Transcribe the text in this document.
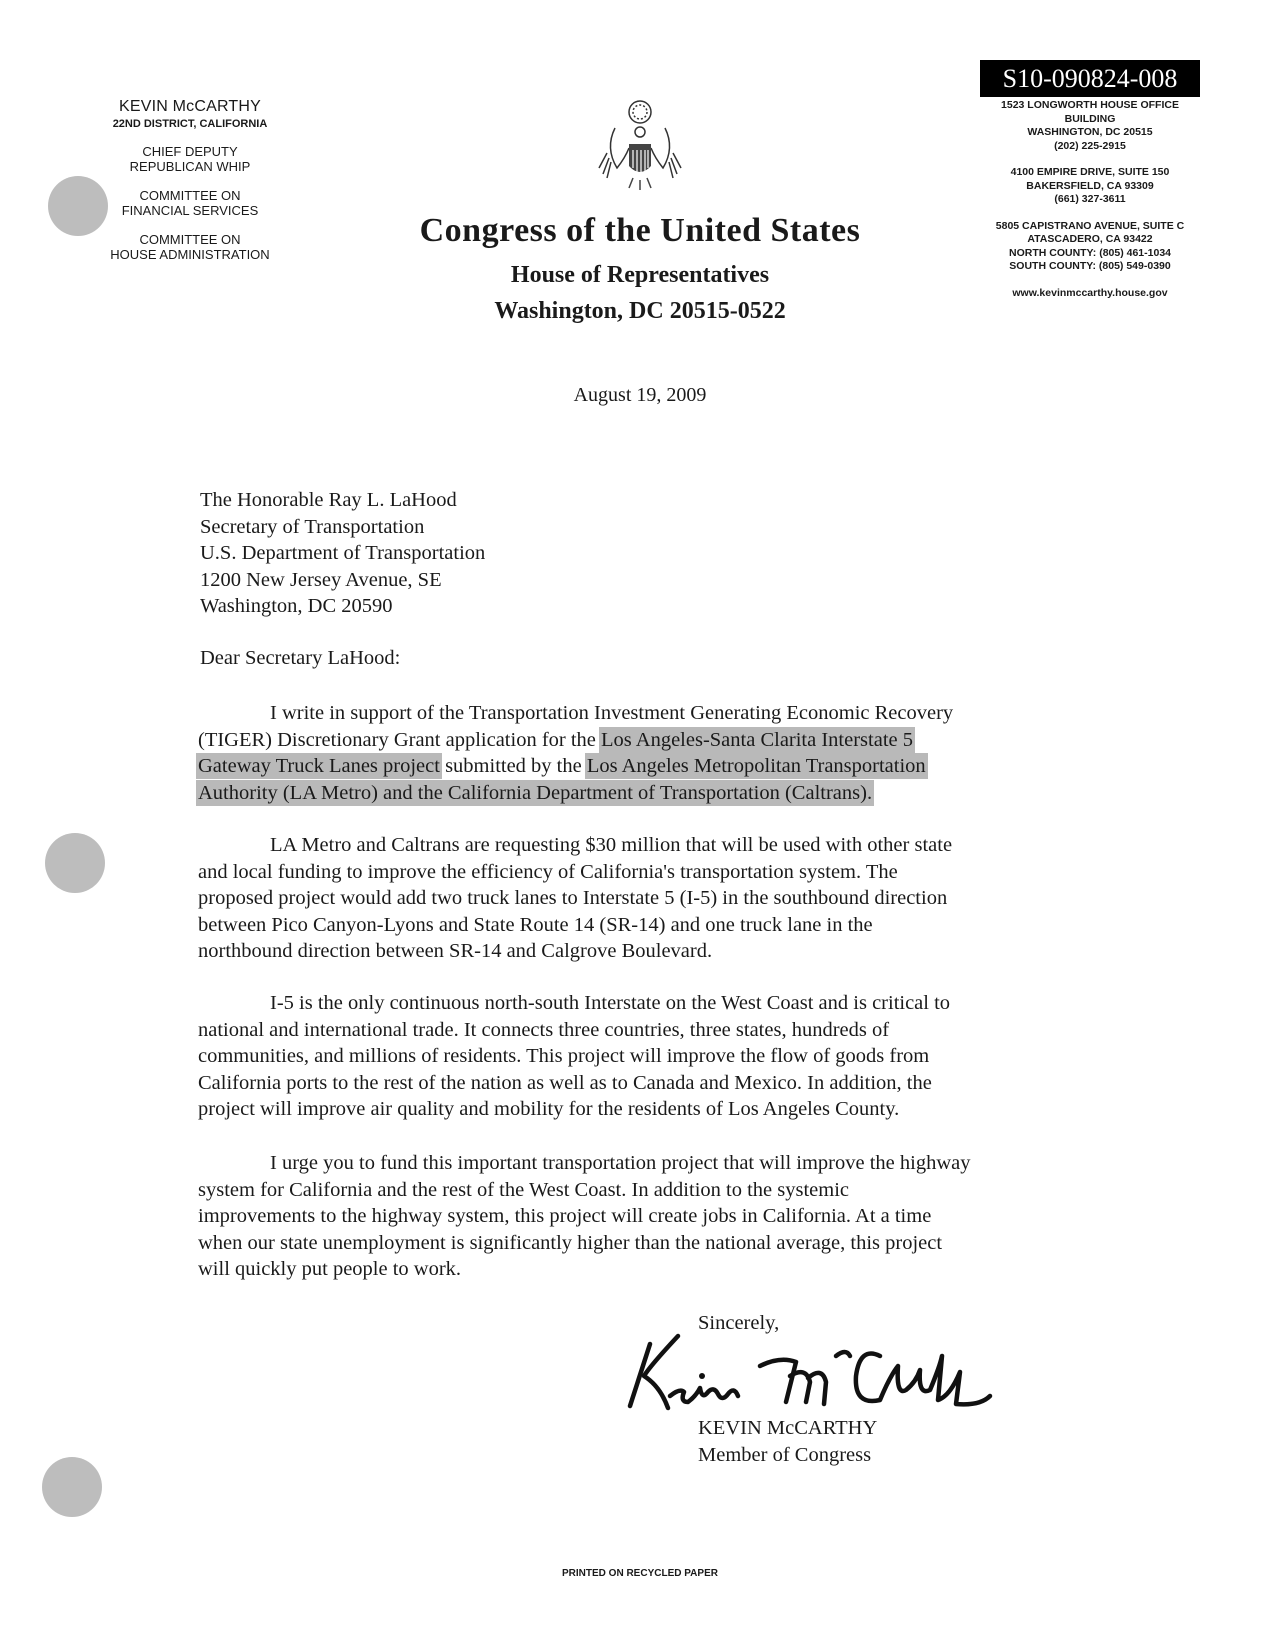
KEVIN McCARTHY
22ND DISTRICT, CALIFORNIA
CHIEF DEPUTY
REPUBLICAN WHIP
COMMITTEE ON
FINANCIAL SERVICES
COMMITTEE ON
HOUSE ADMINISTRATION
Congress of the United States
House of Representatives
Washington, DC 20515-0522
S10-090824-008
1523 LONGWORTH HOUSE OFFICE
BUILDING
WASHINGTON, DC 20515
(202) 225-2915
4100 EMPIRE DRIVE, SUITE 150
BAKERSFIELD, CA 93309
(661) 327-3611
5805 CAPISTRANO AVENUE, SUITE C
ATASCADERO, CA 93422
NORTH COUNTY: (805) 461-1034
SOUTH COUNTY: (805) 549-0390
www.kevinmccarthy.house.gov
August 19, 2009
The Honorable Ray L. LaHood
Secretary of Transportation
U.S. Department of Transportation
1200 New Jersey Avenue, SE
Washington, DC 20590
Dear Secretary LaHood:
I write in support of the Transportation Investment Generating Economic Recovery
(TIGER) Discretionary Grant application for the Los Angeles-Santa Clarita Interstate 5
Gateway Truck Lanes project submitted by the Los Angeles Metropolitan Transportation
Authority (LA Metro) and the California Department of Transportation (Caltrans).
LA Metro and Caltrans are requesting $30 million that will be used with other state
and local funding to improve the efficiency of California's transportation system. The
proposed project would add two truck lanes to Interstate 5 (I-5) in the southbound direction
between Pico Canyon-Lyons and State Route 14 (SR-14) and one truck lane in the
northbound direction between SR-14 and Calgrove Boulevard.
I-5 is the only continuous north-south Interstate on the West Coast and is critical to
national and international trade. It connects three countries, three states, hundreds of
communities, and millions of residents. This project will improve the flow of goods from
California ports to the rest of the nation as well as to Canada and Mexico. In addition, the
project will improve air quality and mobility for the residents of Los Angeles County.
I urge you to fund this important transportation project that will improve the highway
system for California and the rest of the West Coast. In addition to the systemic
improvements to the highway system, this project will create jobs in California. At a time
when our state unemployment is significantly higher than the national average, this project
will quickly put people to work.
Sincerely,
KEVIN McCARTHY
Member of Congress
PRINTED ON RECYCLED PAPER
